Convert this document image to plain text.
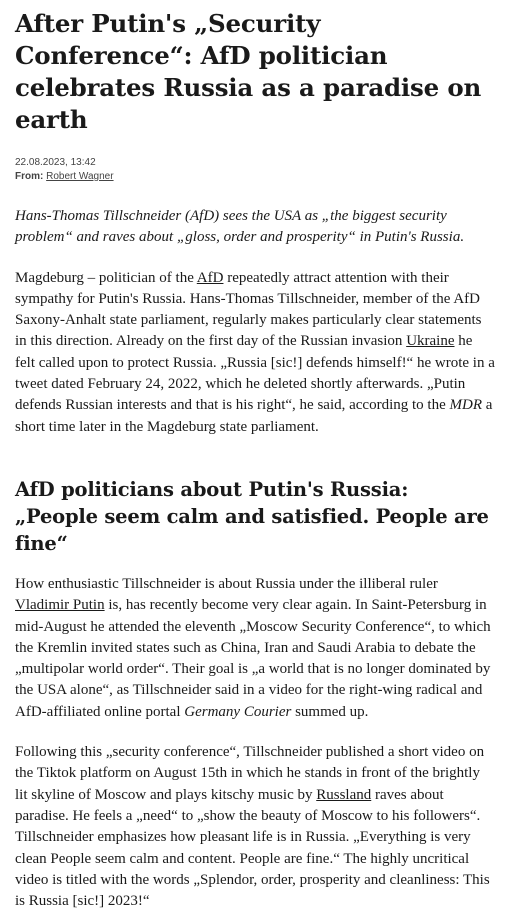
After Putin's „Security Conference“: AfD politician celebrates Russia as a paradise on earth
22.08.2023, 13:42
From: Robert Wagner

Hans-Thomas Tillschneider (AfD) sees the USA as „the biggest security problem“ and raves about „gloss, order and prosperity“ in Putin's Russia.

Magdeburg – politician of the AfD repeatedly attract attention with their sympathy for Putin's Russia. Hans-Thomas Tillschneider, member of the AfD Saxony-Anhalt state parliament, regularly makes particularly clear statements in this direction. Already on the first day of the Russian invasion Ukraine he felt called upon to protect Russia. „Russia [sic!] defends himself!“ he wrote in a tweet dated February 24, 2022, which he deleted shortly afterwards. „Putin defends Russian interests and that is his right“, he said, according to the MDR a short time later in the Magdeburg state parliament.

AfD politicians about Putin's Russia: „People seem calm and satisfied. People are fine“

How enthusiastic Tillschneider is about Russia under the illiberal ruler Vladimir Putin is, has recently become very clear again. In Saint-Petersburg in mid-August he attended the eleventh „Moscow Security Conference“, to which the Kremlin invited states such as China, Iran and Saudi Arabia to debate the „multipolar world order“. Their goal is „a world that is no longer dominated by the USA alone“, as Tillschneider said in a video for the right-wing radical and AfD-affiliated online portal Germany Courier summed up.

Following this „security conference“, Tillschneider published a short video on the Tiktok platform on August 15th in which he stands in front of the brightly lit skyline of Moscow and plays kitschy music by Russland raves about paradise. He feels a „need“ to „show the beauty of Moscow to his followers“. Tillschneider emphasizes how pleasant life is in Russia. „Everything is very clean People seem calm and content. People are fine.“ The highly uncritical video is titled with the words „Splendor, order, prosperity and cleanliness: This is Russia [sic!] 2023!“
